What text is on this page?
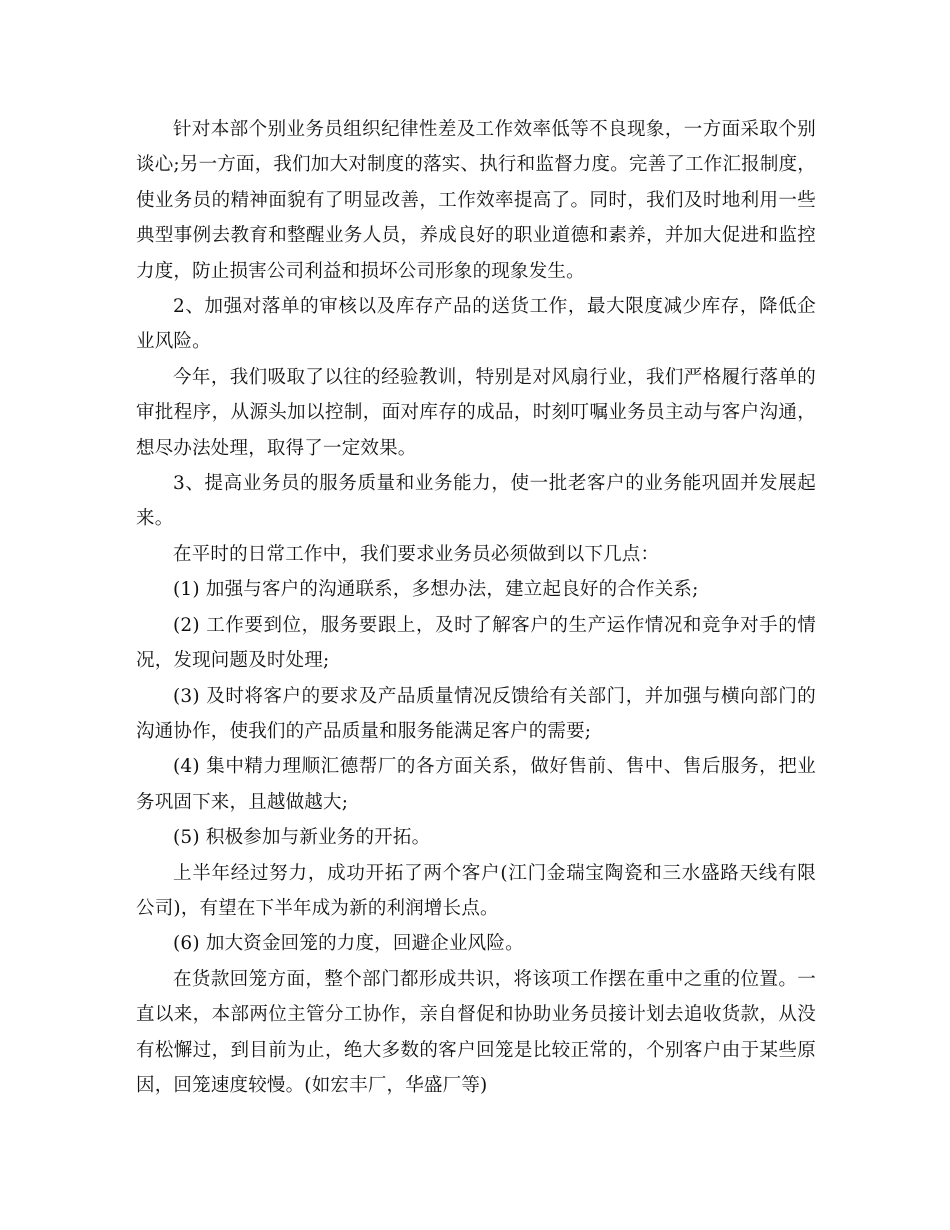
针对本部个别业务员组织纪律性差及工作效率低等不良现象，一方面采取个别谈心;另一方面，我们加大对制度的落实、执行和监督力度。完善了工作汇报制度，使业务员的精神面貌有了明显改善，工作效率提高了。同时，我们及时地利用一些典型事例去教育和整醒业务人员，养成良好的职业道德和素养，并加大促进和监控力度，防止损害公司利益和损坏公司形象的现象发生。

2、加强对落单的审核以及库存产品的送货工作，最大限度减少库存，降低企业风险。

今年，我们吸取了以往的经验教训，特别是对风扇行业，我们严格履行落单的审批程序，从源头加以控制，面对库存的成品，时刻叮嘱业务员主动与客户沟通，想尽办法处理，取得了一定效果。

3、提高业务员的服务质量和业务能力，使一批老客户的业务能巩固并发展起来。

在平时的日常工作中，我们要求业务员必须做到以下几点：

(1) 加强与客户的沟通联系，多想办法，建立起良好的合作关系;

(2) 工作要到位，服务要跟上，及时了解客户的生产运作情况和竞争对手的情况，发现问题及时处理;

(3) 及时将客户的要求及产品质量情况反馈给有关部门，并加强与横向部门的沟通协作，使我们的产品质量和服务能满足客户的需要;

(4) 集中精力理顺汇德帮厂的各方面关系，做好售前、售中、售后服务，把业务巩固下来，且越做越大;

(5) 积极参加与新业务的开拓。

上半年经过努力，成功开拓了两个客户(江门金瑞宝陶瓷和三水盛路天线有限公司)，有望在下半年成为新的利润增长点。

(6) 加大资金回笼的力度，回避企业风险。

在货款回笼方面，整个部门都形成共识，将该项工作摆在重中之重的位置。一直以来，本部两位主管分工协作，亲自督促和协助业务员接计划去追收货款，从没有松懈过，到目前为止，绝大多数的客户回笼是比较正常的，个别客户由于某些原因，回笼速度较慢。(如宏丰厂，华盛厂等)
